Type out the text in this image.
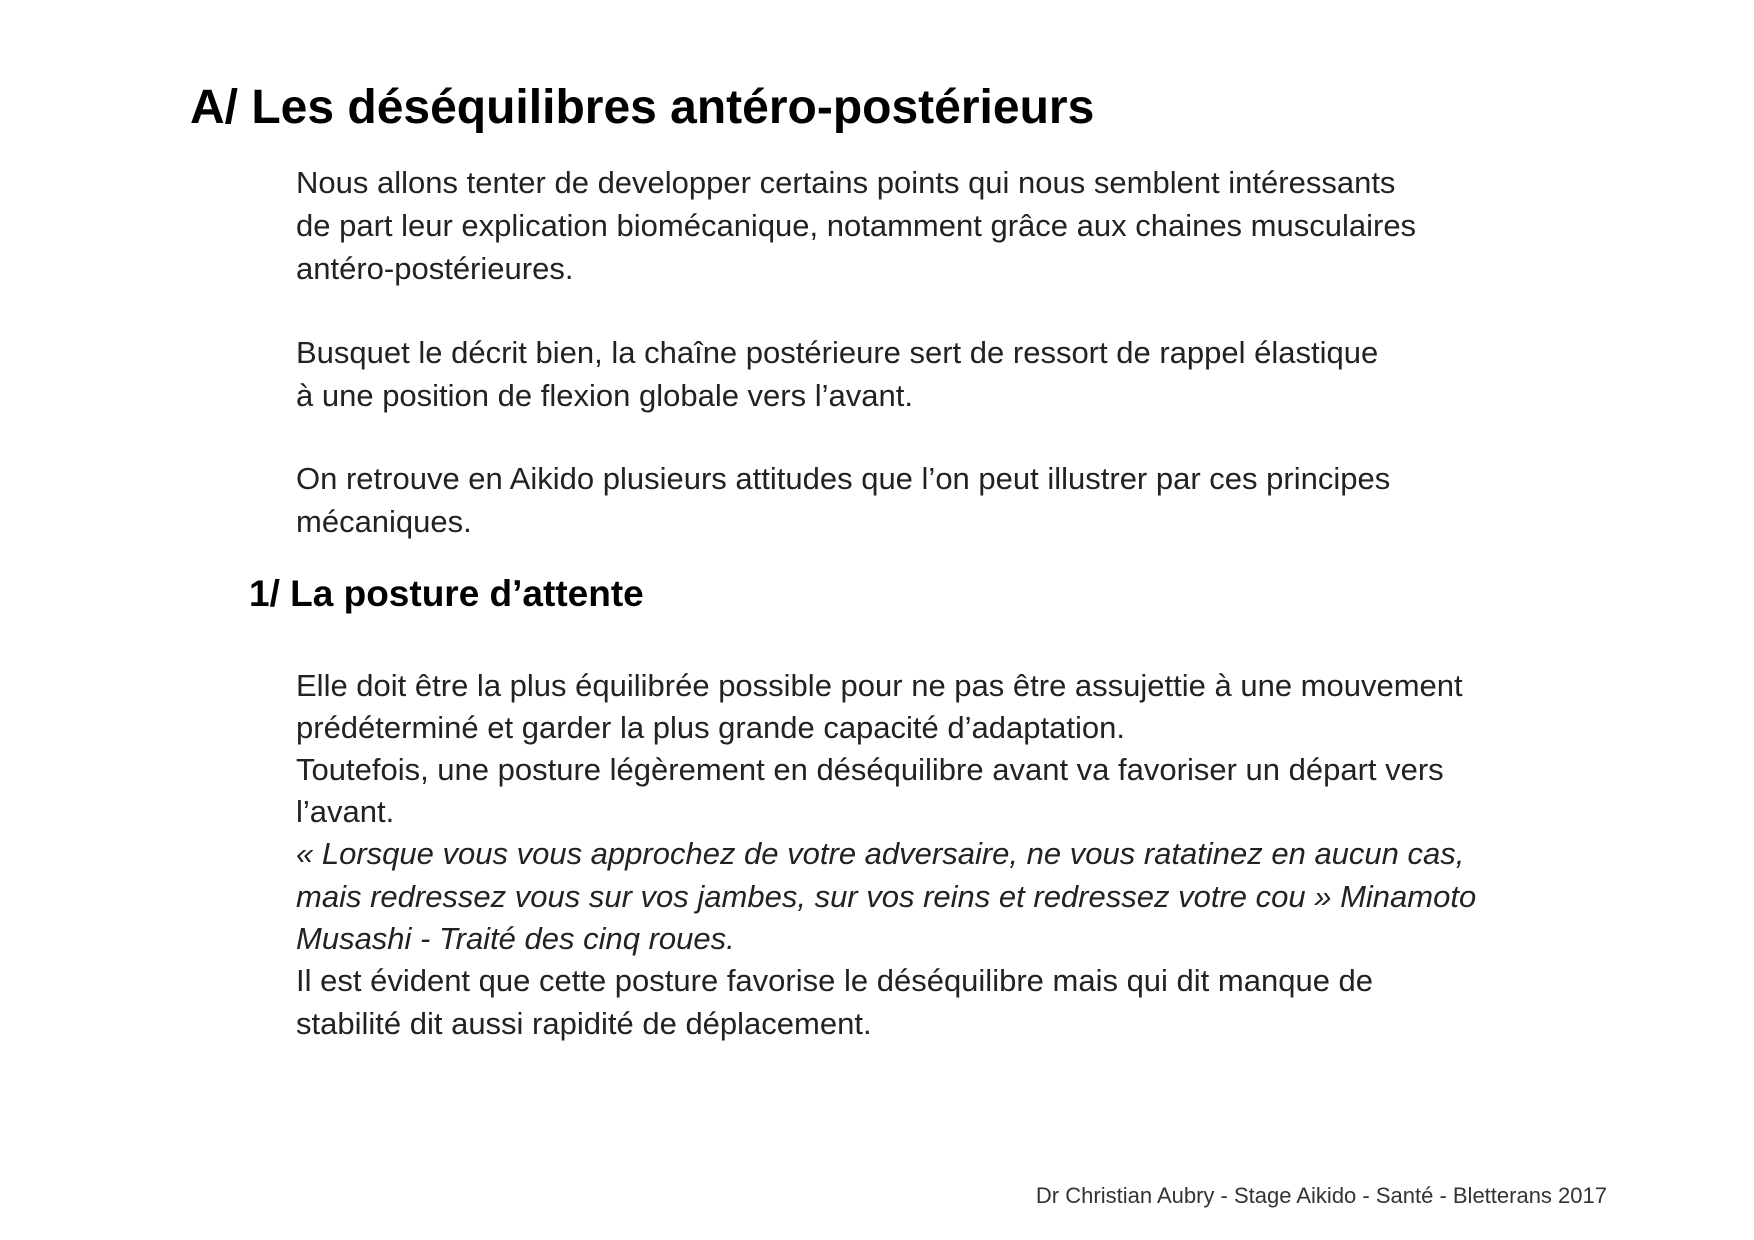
A/ Les déséquilibres antéro-postérieurs
Nous allons tenter de developper certains points qui nous semblent intéressants
de part leur explication biomécanique, notamment grâce aux chaines musculaires
antéro-postérieures.
Busquet le décrit bien, la chaîne postérieure sert de ressort de rappel élastique
à une position de flexion globale vers l’avant.
On retrouve en Aikido plusieurs attitudes que l’on peut illustrer par ces principes
mécaniques.
1/ La posture d’attente
Elle doit être la plus équilibrée possible pour ne pas être assujettie à une mouvement
prédéterminé et garder la plus grande capacité d’adaptation.
Toutefois, une posture légèrement en déséquilibre avant va favoriser un départ vers
l’avant.
« Lorsque vous vous approchez de votre adversaire, ne vous ratatinez en aucun cas,
mais redressez vous sur vos jambes, sur vos reins et redressez votre cou » Minamoto
Musashi - Traité des cinq roues.
Il est évident que cette posture favorise le déséquilibre mais qui dit manque de
stabilité dit aussi rapidité de déplacement.
Dr Christian Aubry - Stage Aikido - Santé - Bletterans 2017
